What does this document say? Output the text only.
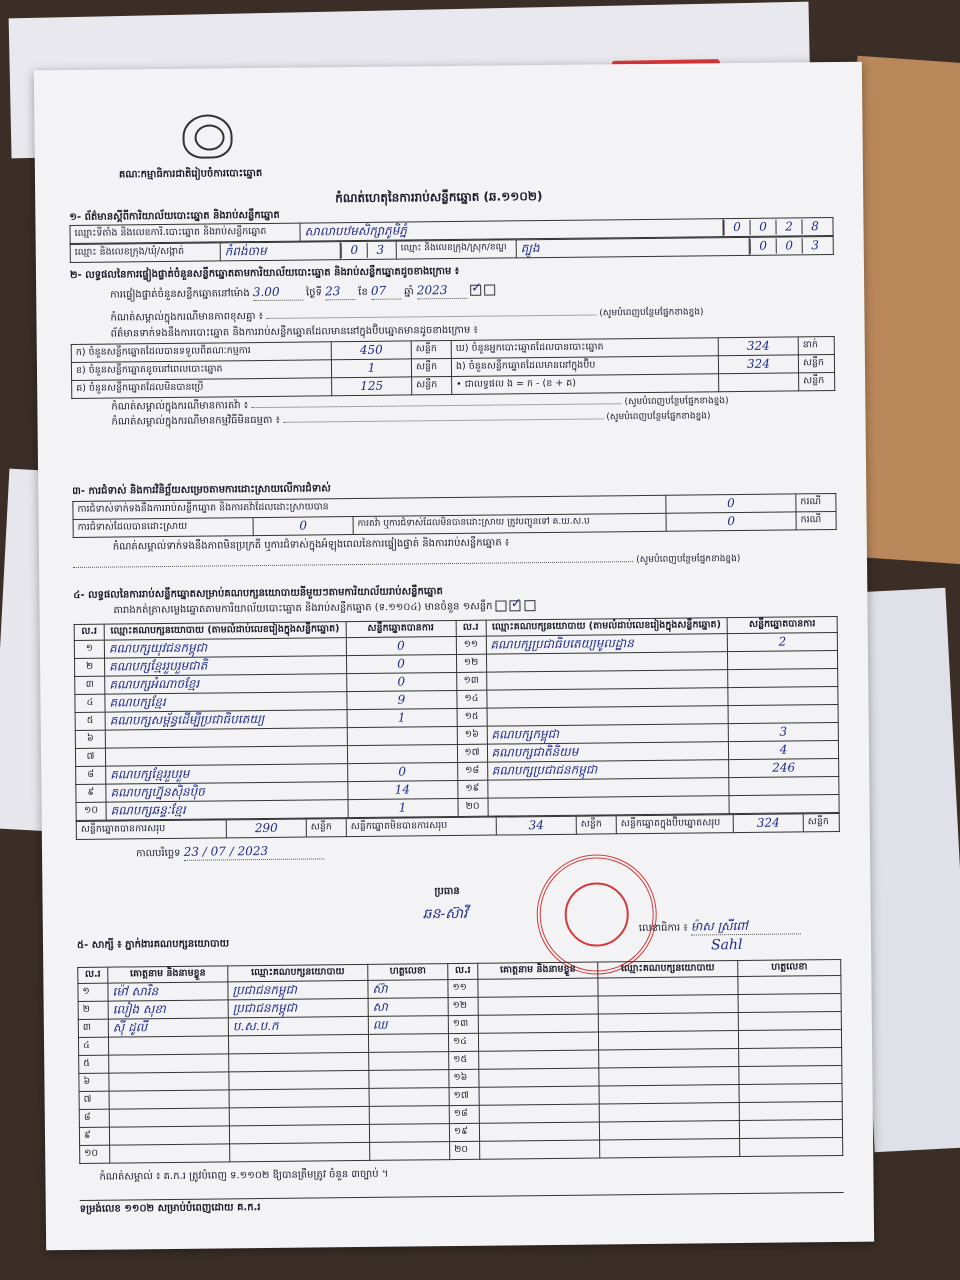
គណៈកម្មាធិការជាតិរៀបចំការបោះឆ្នោត
កំណត់ហេតុនៃការរាប់សន្លឹកឆ្នោត (ឆ.១១០២)
១- ព័ត៌មានស្តីពីការិយាល័យបោះឆ្នោត និងរាប់សន្លឹកឆ្នោត
ឈ្មោះទីតាំង និងលេខការិ.បោះឆ្នោត និងរាប់សន្លឹកឆ្នោត	សាលាបឋមសិក្សាភូមិភ្នំ	0 0 2 8
ឈ្មោះ និងលេខក្រុង/ឃុំ/សង្កាត់	កំពង់ចាម	0 3	ឈ្មោះ និងលេខក្រុង/ស្រុក/ខណ្ឌ	ត្បូង	0 0 3
២- លទ្ធផលនៃការផ្ទៀងផ្ទាត់ចំនួនសន្លឹកឆ្នោតតាមការិយាល័យបោះឆ្នោត និងរាប់សន្លឹកឆ្នោតដូចខាងក្រោម ៖
ការផ្ទៀងផ្ទាត់ចំនួនសន្លឹកឆ្នោតនៅម៉ោង 3.00	ថ្ងៃទី 23 ខែ 07 ឆ្នាំ 2023 ✓
កំណត់សម្គាល់ក្នុងករណីមានភាពខុសគ្នា ៖	(សូមបំពេញបន្ថែមផ្នែកខាងខ្នង)
ព័ត៌មានទាក់ទងនឹងការបោះឆ្នោត និងការរាប់សន្លឹកឆ្នោតដែលមាននៅក្នុងប៊ិបឆ្នោតមានដូចខាងក្រោម ៖
ក) ចំនួនសន្លឹកឆ្នោតដែលបានទទួលពីគណៈកម្មការ	450	សន្លឹក	ឃ) ចំនួនអ្នកបោះឆ្នោតដែលបានបោះឆ្នោត	324	នាក់
ខ) ចំនួនសន្លឹកឆ្នោតខូចនៅពេលបោះឆ្នោត	1	សន្លឹក	ង) ចំនួនសន្លឹកឆ្នោតដែលមាននៅក្នុងប៊ិប	324	សន្លឹក
គ) ចំនួនសន្លឹកឆ្នោតដែលមិនបានប្រើ	125	សន្លឹក	• ជាលទ្ធផល ង = ក - (ខ + គ)		សន្លឹក
កំណត់សម្គាល់ក្នុងករណីមានការតវ៉ា ៖	(សូមបំពេញបន្ថែមផ្នែកខាងខ្នង)
កំណត់សម្គាល់ក្នុងករណីមានកម្មវិធីមិនធម្មតា ៖	(សូមបំពេញបន្ថែមផ្នែកខាងខ្នង)
៣- ការជំទាស់ និងការវិនិច្ឆ័យសម្រេចតាមការដោះស្រាយលើការជំទាស់
ការជំទាស់ទាក់ទងនឹងការរាប់សន្លឹកឆ្នោត និងការតវ៉ាដែលដោះស្រាយបាន			0	ករណី
ការជំទាស់ដែលបានដោះស្រាយ	0	ការតវ៉ា ឬការជំទាស់ដែលមិនបានដោះស្រាយ ត្រូវបញ្ជូនទៅ គ.ឃ.ស.ប	0	ករណី
កំណត់សម្គាល់ទាក់ទងនឹងភាពមិនប្រក្រតី ឬការជំទាស់ក្នុងអំឡុងពេលនៃការផ្ទៀងផ្ទាត់ និងការរាប់សន្លឹកឆ្នោត ៖
(សូមបំពេញបន្ថែមផ្នែកខាងខ្នង)
៤- លទ្ធផលនៃការរាប់សន្លឹកឆ្នោតសម្រាប់គណបក្សនយោបាយនីមួយៗតាមការិយាល័យរាប់សន្លឹកឆ្នោត
តារាងកត់ត្រាសម្លេងឆ្នោតតាមការិយាល័យបោះឆ្នោត និងរាប់សន្លឹកឆ្នោត (ទ.១១០៤) មានចំនួន ១សន្លឹក  ✓
ល.រ	ឈ្មោះគណបក្សនយោបាយ (តាមលំដាប់លេខរៀងក្នុងសន្លឹកឆ្នោត)	សន្លឹកឆ្នោតបានការ	ល.រ	ឈ្មោះគណបក្សនយោបាយ (តាមលំដាប់លេខរៀងក្នុងសន្លឹកឆ្នោត)	សន្លឹកឆ្នោតបានការ
១	គណបក្សយុវជនកម្ពុជា	0	១១	គណបក្សប្រជាធិបតេយ្យមូលដ្ឋាន	2
២	គណបក្សខ្មែររួបរួមជាតិ	0	១២		
៣	គណបក្សអំណាចខ្មែរ	0	១៣		
៤	គណបក្សខ្មែរ	9	១៤		
៥	គណបក្សសម្ព័ន្ធដើម្បីប្រជាធិបតេយ្យ	1	១៥		
៦			១៦	គណបក្សកម្ពុជា	3
៧			១៧	គណបក្សជាតិនិយម	4
៨	គណបក្សខ្មែររួបរួម	0	១៨	គណបក្សប្រជាជនកម្ពុជា	246
៩	គណបក្សហ្វ៊ុនស៊ិនប៉ិច	14	១៩		
១០	គណបក្សឆន្ទៈខ្មែរ	1	២០		
សន្លឹកឆ្នោតបានការសរុប	290	សន្លឹក	សន្លឹកឆ្នោតមិនបានការសរុប	34	សន្លឹក	សន្លឹកឆ្នោតក្នុងប៊ិបឆ្នោតសរុប	324	សន្លឹក
កាលបរិច្ឆេទ 23 / 07 / 2023
ប្រធាន
ឆន-ស៊ាវី
លេខាធិការ ៖ ម៉ាស ស្រីពៅ
Sahl
៥- សាក្សី ៖ ភ្នាក់ងារគណបក្សនយោបាយ
ល.រ	គោត្តនាម និងនាមខ្លួន	ឈ្មោះគណបក្សនយោបាយ	ហត្ថលេខា	ល.រ	គោត្តនាម និងនាមខ្លួន	ឈ្មោះគណបក្សនយោបាយ	ហត្ថលេខា
១	ម៉ៅ សារិន	ប្រជាជនកម្ពុជា	ស៊ា	១១			
២	លៀង សុខា	ប្រជាជនកម្ពុជា	សា	១២			
៣	ស៊ី ដូលី	ប.ស.ប.ក	ឈ	១៣			
៤				១៤			
៥				១៥			
៦				១៦			
៧				១៧			
៨				១៨			
៩				១៩			
១០				២០			
កំណត់សម្គាល់ ៖ គ.ក.រ ត្រូវបំពេញ ទ.១១០២ ឱ្យបានត្រឹមត្រូវ ចំនួន ៣ច្បាប់ ។
ទម្រង់លេខ ១១០២ សម្រាប់បំពេញដោយ គ.ក.រ
